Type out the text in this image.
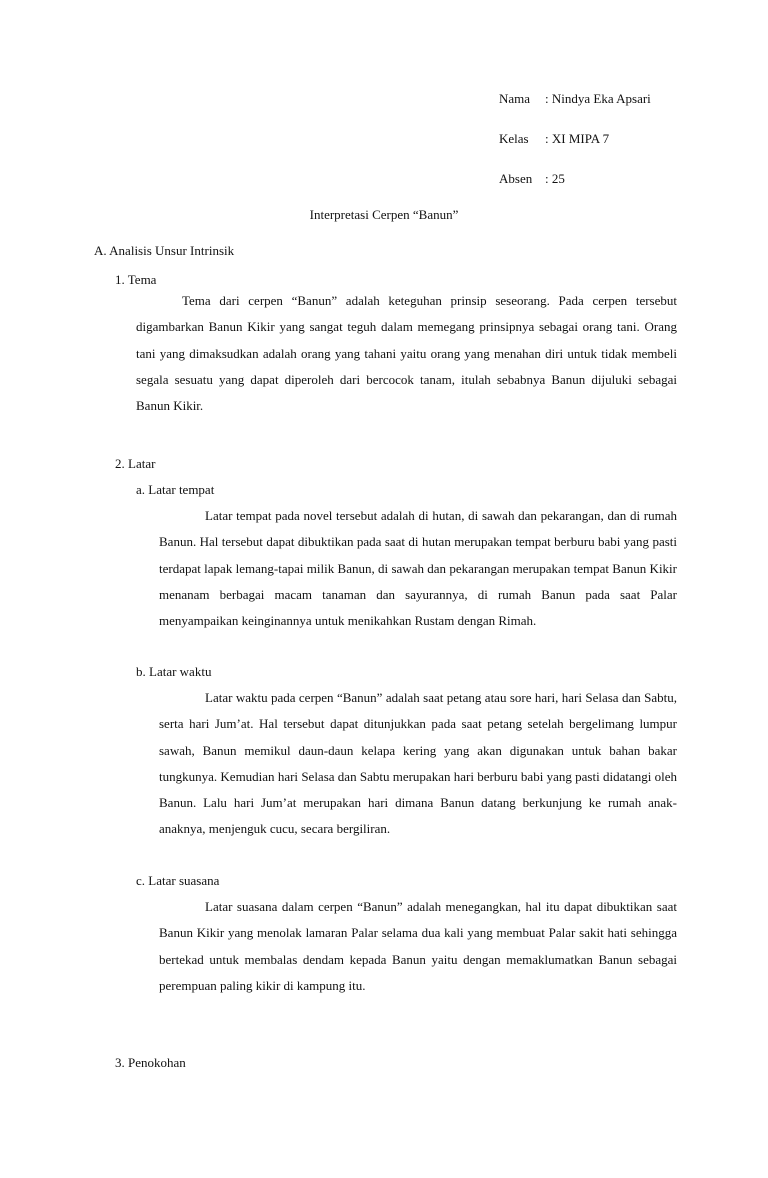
Nama : Nindya Eka Apsari
Kelas : XI MIPA 7
Absen : 25
Interpretasi Cerpen “Banun”
A. Analisis Unsur Intrinsik
1. Tema
Tema dari cerpen “Banun” adalah keteguhan prinsip seseorang. Pada cerpen tersebut digambarkan Banun Kikir yang sangat teguh dalam memegang prinsipnya sebagai orang tani. Orang tani yang dimaksudkan adalah orang yang tahani yaitu orang yang menahan diri untuk tidak membeli segala sesuatu yang dapat diperoleh dari bercocok tanam, itulah sebabnya Banun dijuluki sebagai Banun Kikir.
2. Latar
a. Latar tempat
Latar tempat pada novel tersebut adalah di hutan, di sawah dan pekarangan, dan di rumah Banun. Hal tersebut dapat dibuktikan pada saat di hutan merupakan tempat berburu babi yang pasti terdapat lapak lemang-tapai milik Banun, di sawah dan pekarangan merupakan tempat Banun Kikir menanam berbagai macam tanaman dan sayurannya, di rumah Banun pada saat Palar menyampaikan keinginannya untuk menikahkan Rustam dengan Rimah.
b. Latar waktu
Latar waktu pada cerpen “Banun” adalah saat petang atau sore hari, hari Selasa dan Sabtu, serta hari Jum’at. Hal tersebut dapat ditunjukkan pada saat petang setelah bergelimang lumpur sawah, Banun memikul daun-daun kelapa kering yang akan digunakan untuk bahan bakar tungkunya. Kemudian hari Selasa dan Sabtu merupakan hari berburu babi yang pasti didatangi oleh Banun. Lalu hari Jum’at merupakan hari dimana Banun datang berkunjung ke rumah anak-anaknya, menjenguk cucu, secara bergiliran.
c. Latar suasana
Latar suasana dalam cerpen “Banun” adalah menegangkan, hal itu dapat dibuktikan saat Banun Kikir yang menolak lamaran Palar selama dua kali yang membuat Palar sakit hati sehingga bertekad untuk membalas dendam kepada Banun yaitu dengan memaklumatkan Banun sebagai perempuan paling kikir di kampung itu.
3. Penokohan
